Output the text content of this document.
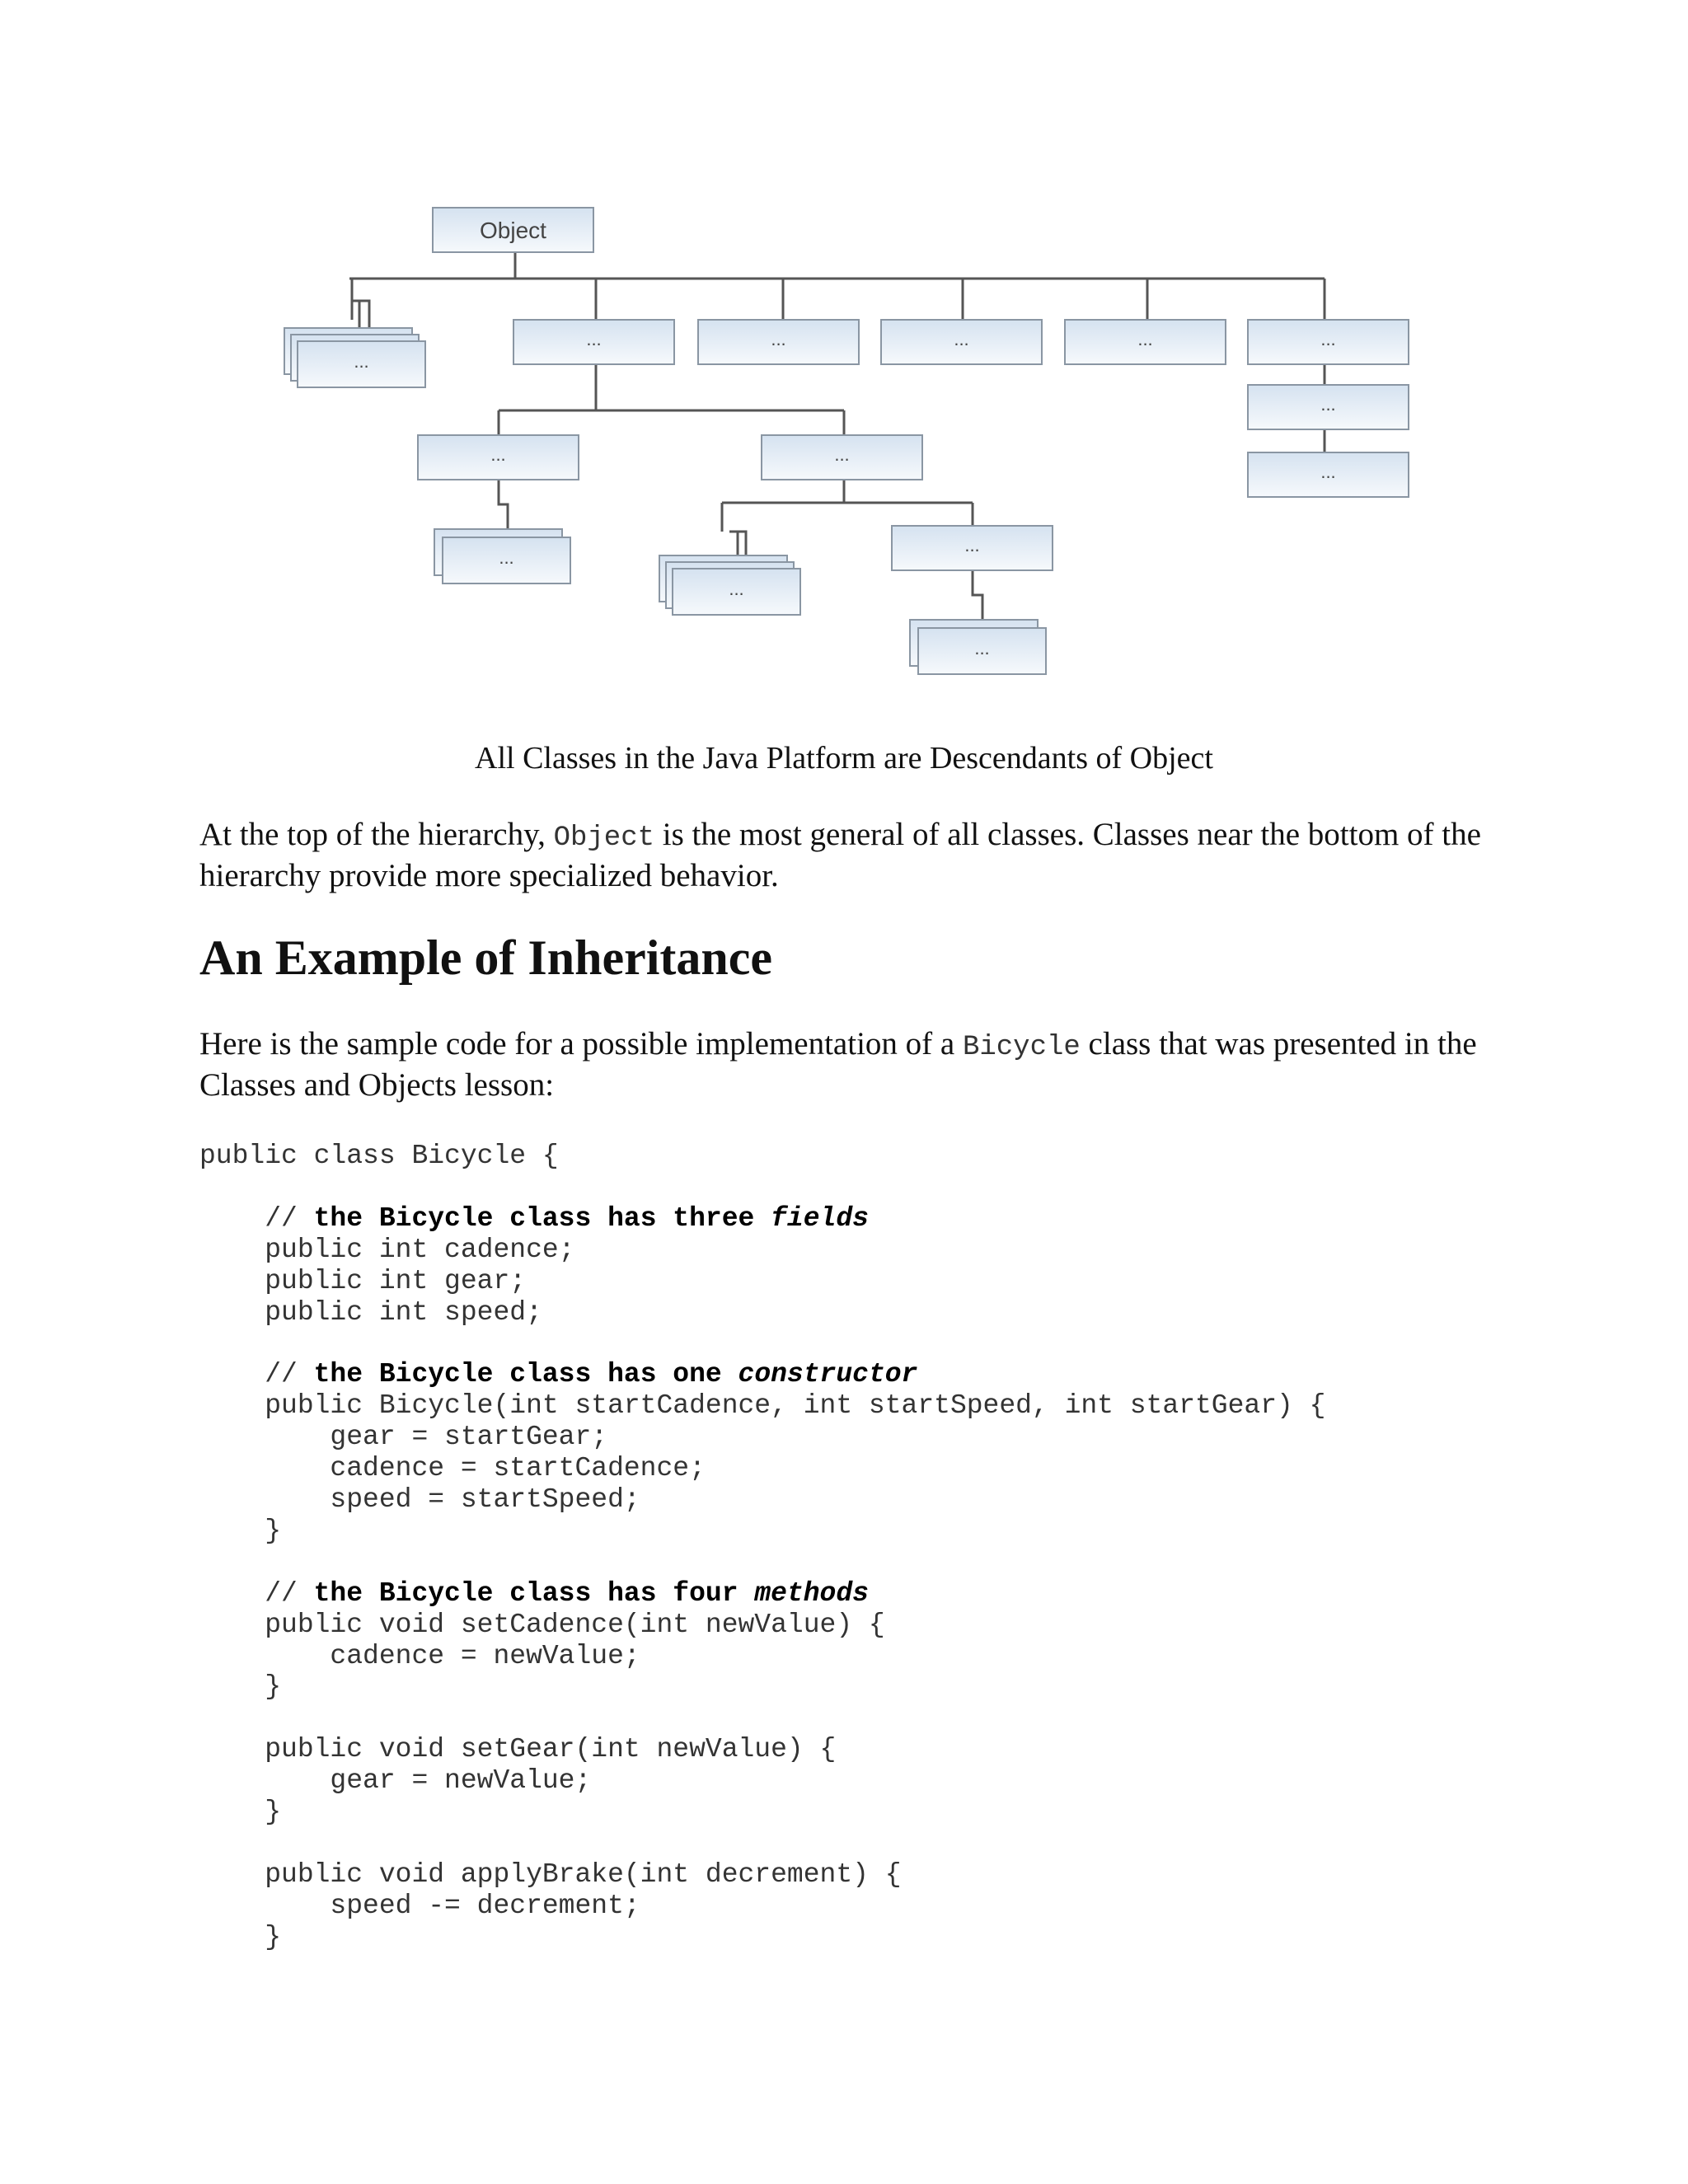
...
...	...	...	...	...
...
...
...	...
...
...
...
...
Object
All Classes in the Java Platform are Descendants of Object
At the top of the hierarchy, Object is the most general of all classes. Classes near the bottom of the hierarchy provide more specialized behavior.
An Example of Inheritance
Here is the sample code for a possible implementation of a Bicycle class that was presented in the Classes and Objects lesson:
public class Bicycle {

// the Bicycle class has three fields
public int cadence;
public int gear;
public int speed;

// the Bicycle class has one constructor
public Bicycle(int startCadence, int startSpeed, int startGear) {
gear = startGear;
cadence = startCadence;
speed = startSpeed;
}

// the Bicycle class has four methods
public void setCadence(int newValue) {
cadence = newValue;
}

public void setGear(int newValue) {
gear = newValue;
}

public void applyBrake(int decrement) {
speed -= decrement;
}
